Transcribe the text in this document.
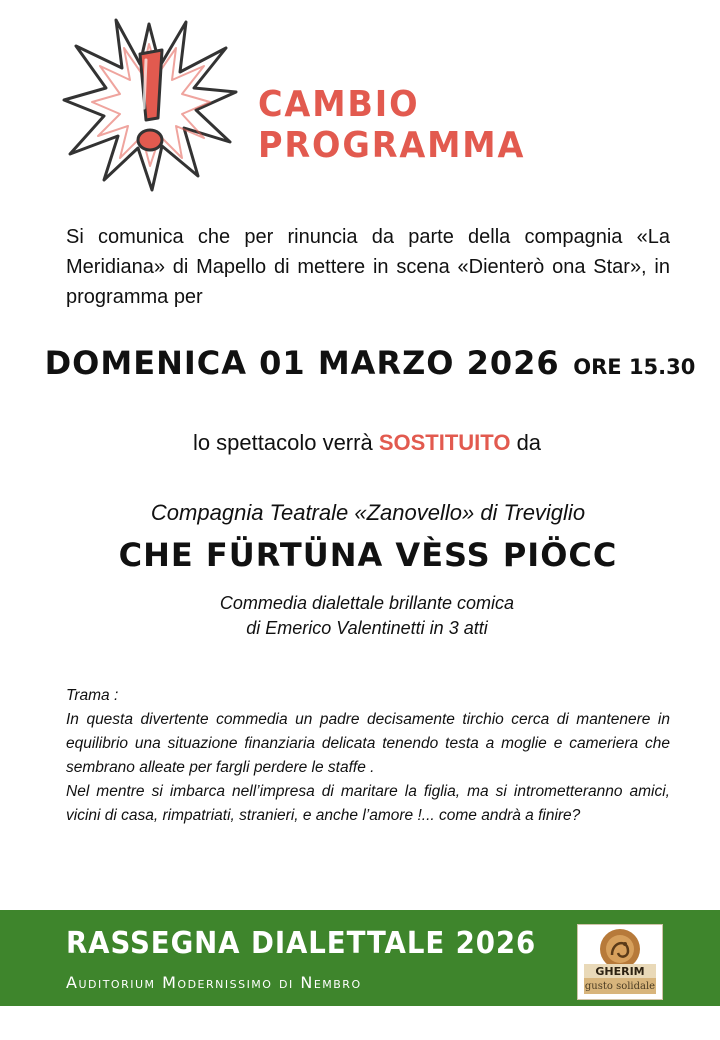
CAMBIO PROGRAMMA

Si comunica che per rinuncia da parte della compagnia «La Meridiana» di Mapello di mettere in scena «Dienterò ona Star», in programma per

DOMENICA 01 MARZO 2026 ORE 15.30
lo spettacolo verrà SOSTITUITO da
Compagnia Teatrale «Zanovello» di Treviglio
CHE FÜRTÜNA VÈSS PIÖCC
Commedia dialettale brillante comica
di Emerico Valentinetti in 3 atti

Trama :

In questa divertente commedia un padre decisamente tirchio cerca di mantenere in equilibrio una situazione finanziaria delicata tenendo testa a moglie e cameriera che sembrano alleate per fargli perdere le staffe .

Nel mentre si imbarca nell’impresa di maritare la figlia, ma si intrometteranno amici, vicini di casa, rimpatriati, stranieri, e anche l’amore !... come andrà a finire?

RASSEGNA DIALETTALE 2026
Auditorium Modernissimo di Nembro
GHERIM
gusto solidale
